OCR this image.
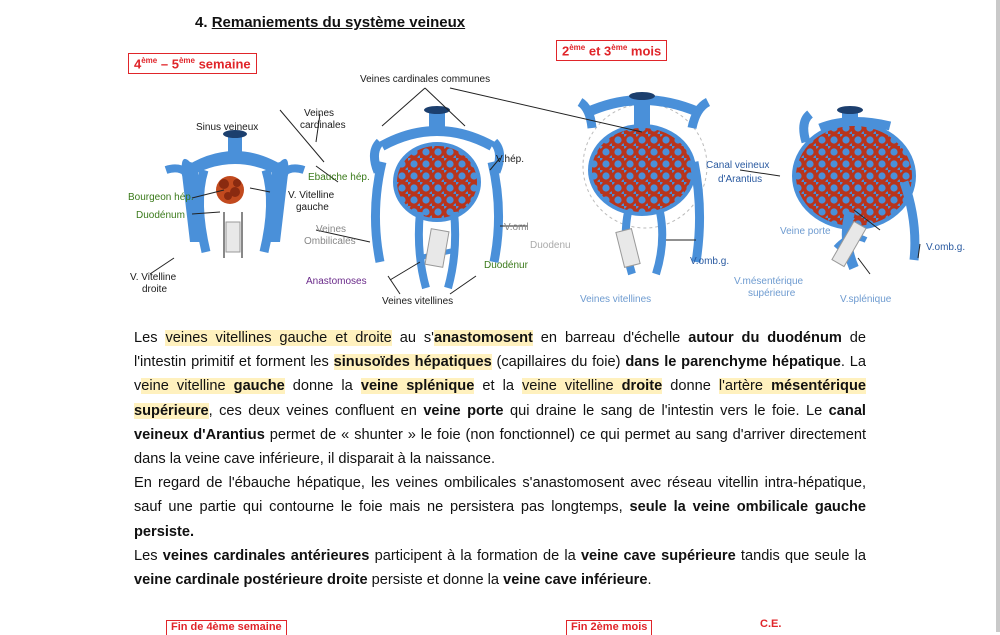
4. Remaniements du système veineux
4ème – 5ème semaine
2ème et 3ème mois
Veines cardinales communes
Veines
cardinales
Sinus veineux
Bourgeon hép.
Duodénum
V. Vitelline
gauche
Ebauche hép.
V. Vitelline
droite
Veines
Ombilicales
Anastomoses
Veines vitellines
V.hép.
V.oml
Duodénur
Duodenu
Veines vitellines
V.omb.g.
Canal veineux
d'Arantius
Veine porte
V.mésentérique
supérieure
V.splénique
V.omb.g.

Les veines vitellines gauche et droite au s'anastomosent en barreau d'échelle autour du duodénum de l'intestin primitif et forment les sinusoïdes hépatiques (capillaires du foie) dans le parenchyme hépatique. La veine vitelline gauche donne la veine splénique et la veine vitelline droite donne l'artère mésentérique supérieure, ces deux veines confluent en veine porte qui draine le sang de l'intestin vers le foie. Le canal veineux d'Arantius permet de « shunter » le foie (non fonctionnel) ce qui permet au sang d'arriver directement dans la veine cave inférieure, il disparait à la naissance.

En regard de l'ébauche hépatique, les veines ombilicales s'anastomosent avec réseau vitellin intra-hépatique, sauf une partie qui contourne le foie mais ne persistera pas longtemps, seule la veine ombilicale gauche persiste.

Les veines cardinales antérieures participent à la formation de la veine cave supérieure tandis que seule la veine cardinale postérieure droite persiste et donne la veine cave inférieure.

Fin de 4ème semaine	Fin 2ème mois	C.E.
